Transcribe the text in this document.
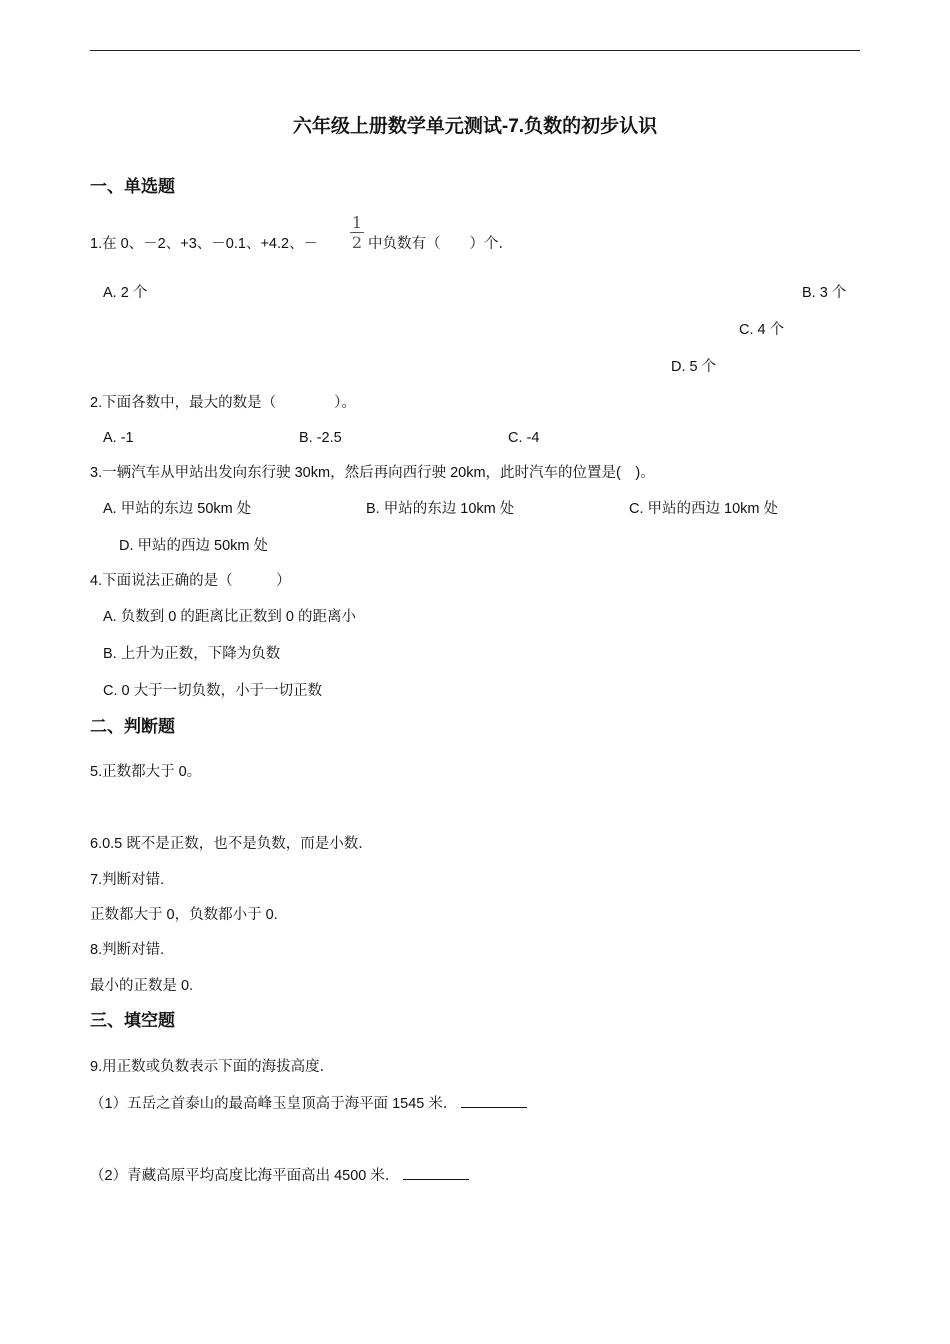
六年级上册数学单元测试-7.负数的初步认识
一、单选题
1.在 0、－2、+3、－0.1、+4.2、－
1
2 中负数有（　　）个．
A. 2 个	B. 3 个
C. 4 个
D. 5 个
2.下面各数中，最大的数是（　　　　）。
A. -1	B. -2.5	C. -4
3.一辆汽车从甲站出发向东行驶 30km，然后再向西行驶 20km，此时汽车的位置是(　)。
A. 甲站的东边 50km 处	B. 甲站的东边 10km 处	C. 甲站的西边 10km 处
D. 甲站的西边 50km 处
4.下面说法正确的是（　　　）
A. 负数到 0 的距离比正数到 0 的距离小
B. 上升为正数，下降为负数
C. 0 大于一切负数，小于一切正数
二、判断题
5.正数都大于 0。
6.0.5 既不是正数，也不是负数，而是小数．
7.判断对错.
正数都大于 0，负数都小于 0.
8.判断对错.
最小的正数是 0.
三、填空题
9.用正数或负数表示下面的海拔高度．
（1）五岳之首泰山的最高峰玉皇顶高于海平面 1545 米．
（2）青藏高原平均高度比海平面高出 4500 米．
